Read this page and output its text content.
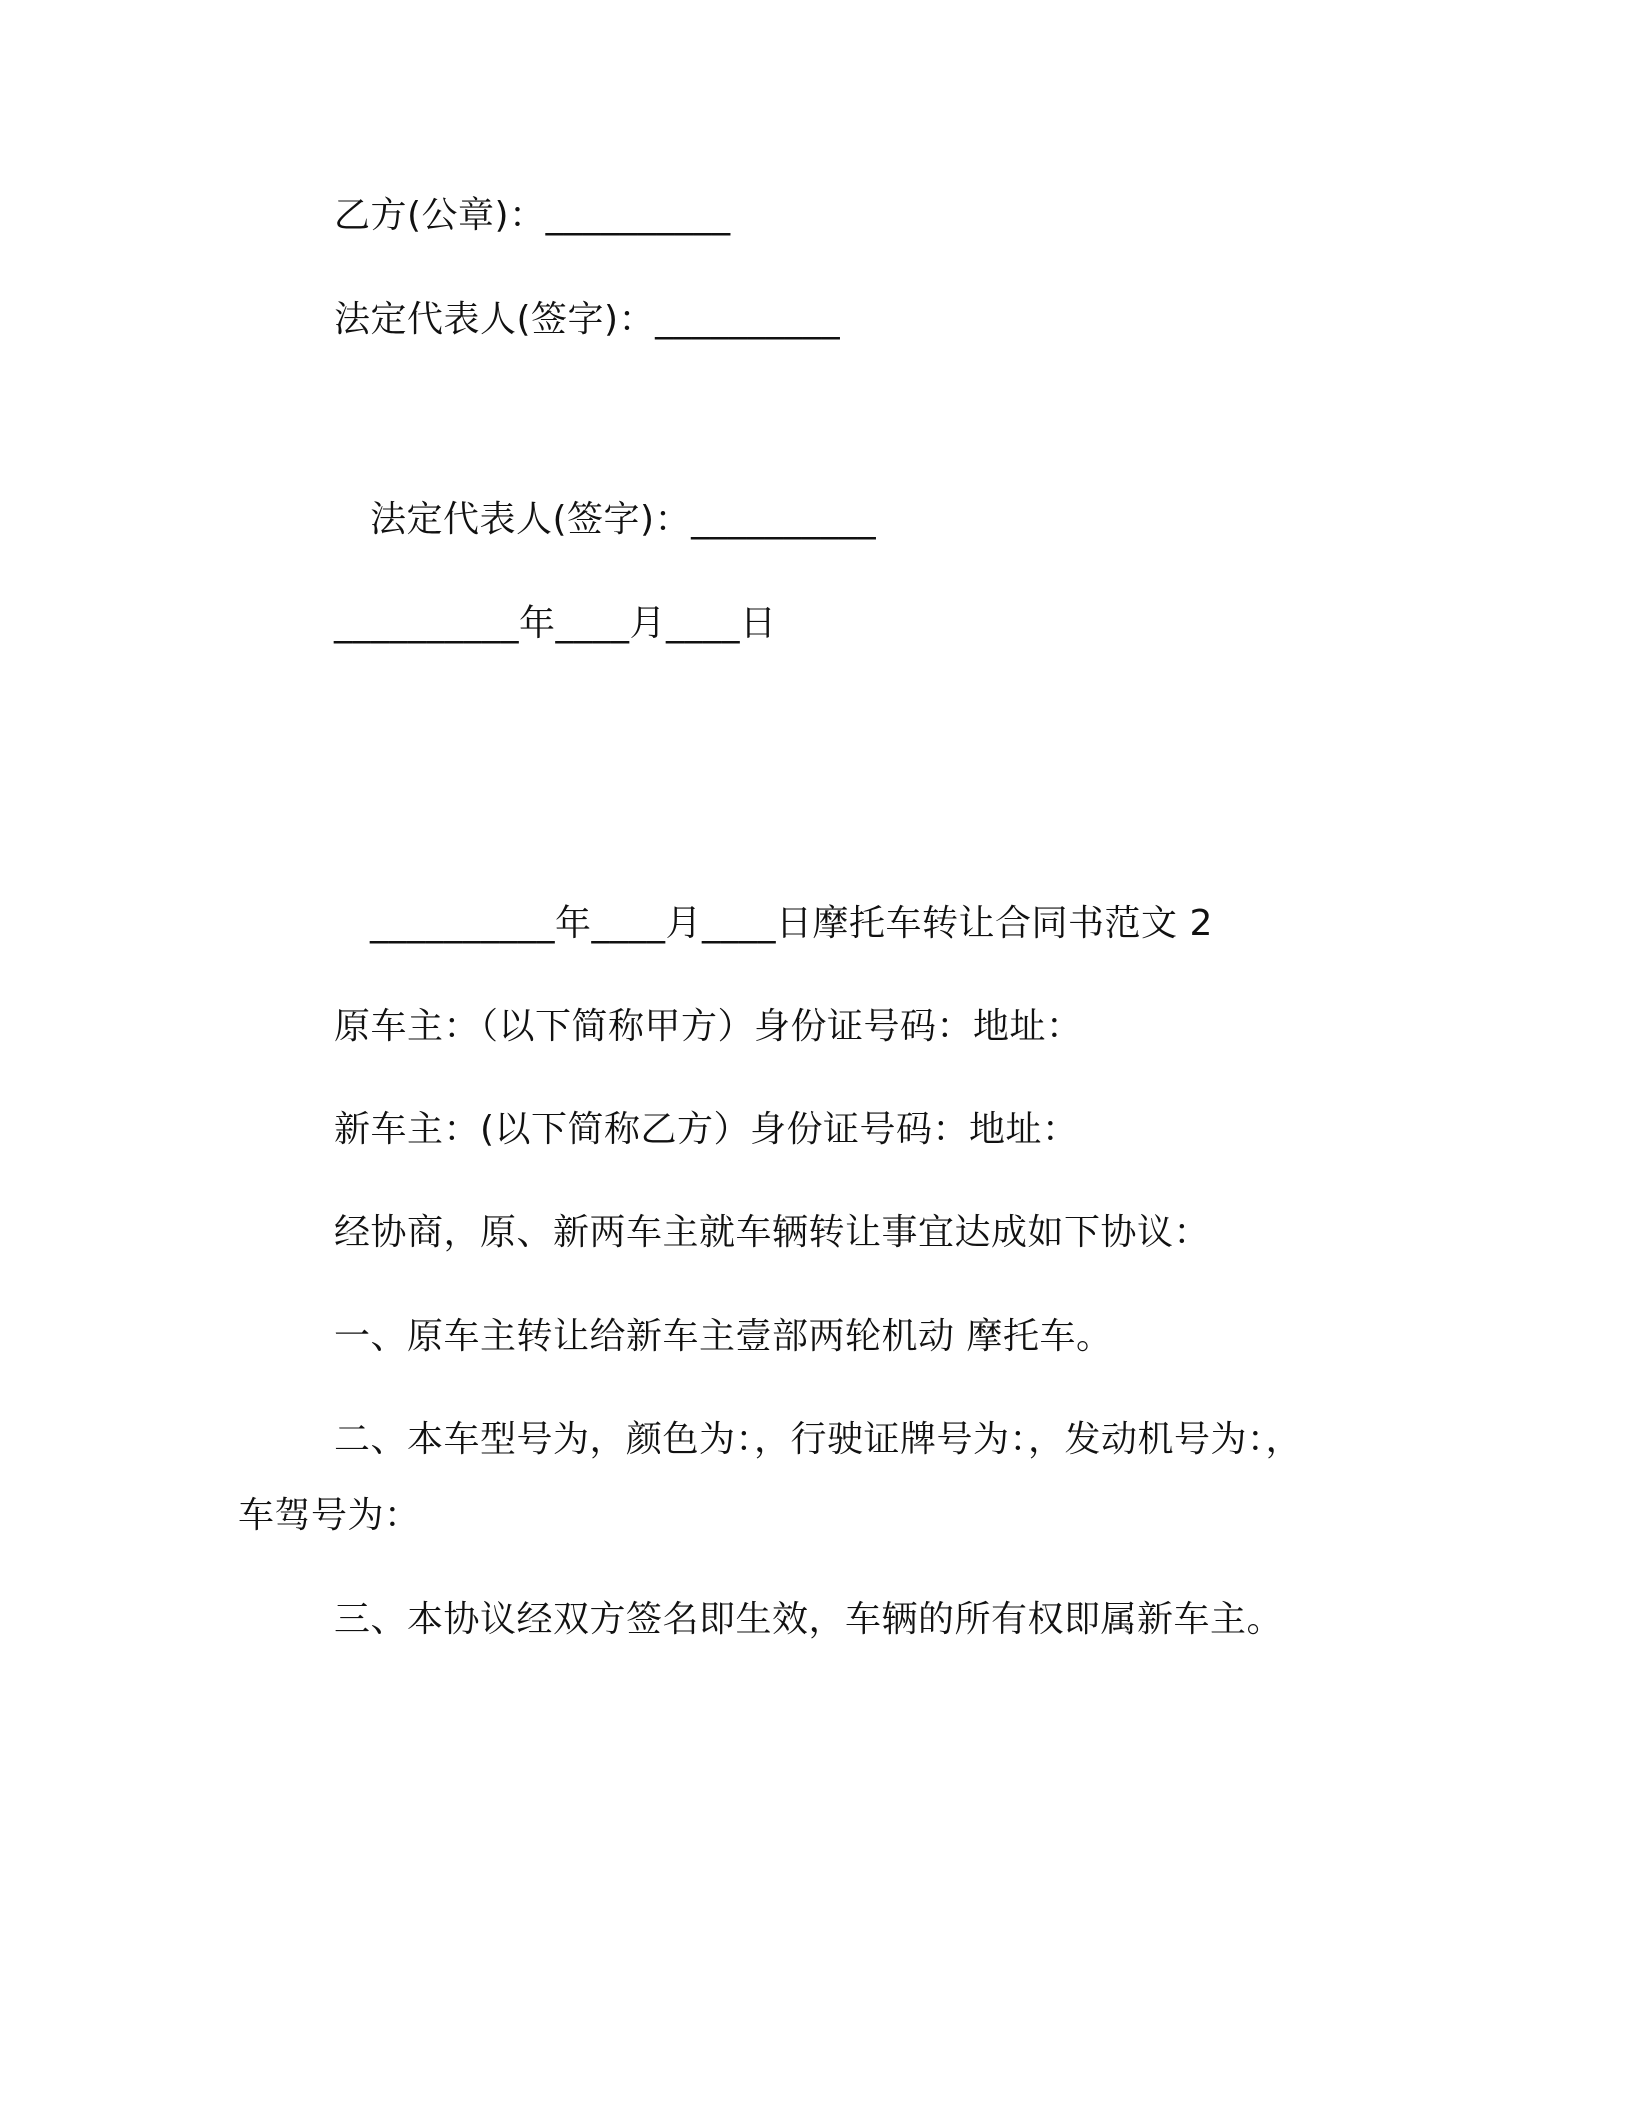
乙方(公章)：__________
法定代表人(签字)：__________
法定代表人(签字)：__________
__________年____月____日
__________年____月____日摩托车转让合同书范文 2
原车主：（以下简称甲方）身份证号码：地址：
新车主：(以下简称乙方）身份证号码：地址：
经协商，原、新两车主就车辆转让事宜达成如下协议：
一、原车主转让给新车主壹部两轮机动 摩托车。
二、本车型号为，颜色为：，行驶证牌号为：，发动机号为：，
车驾号为：
三、本协议经双方签名即生效，车辆的所有权即属新车主。
